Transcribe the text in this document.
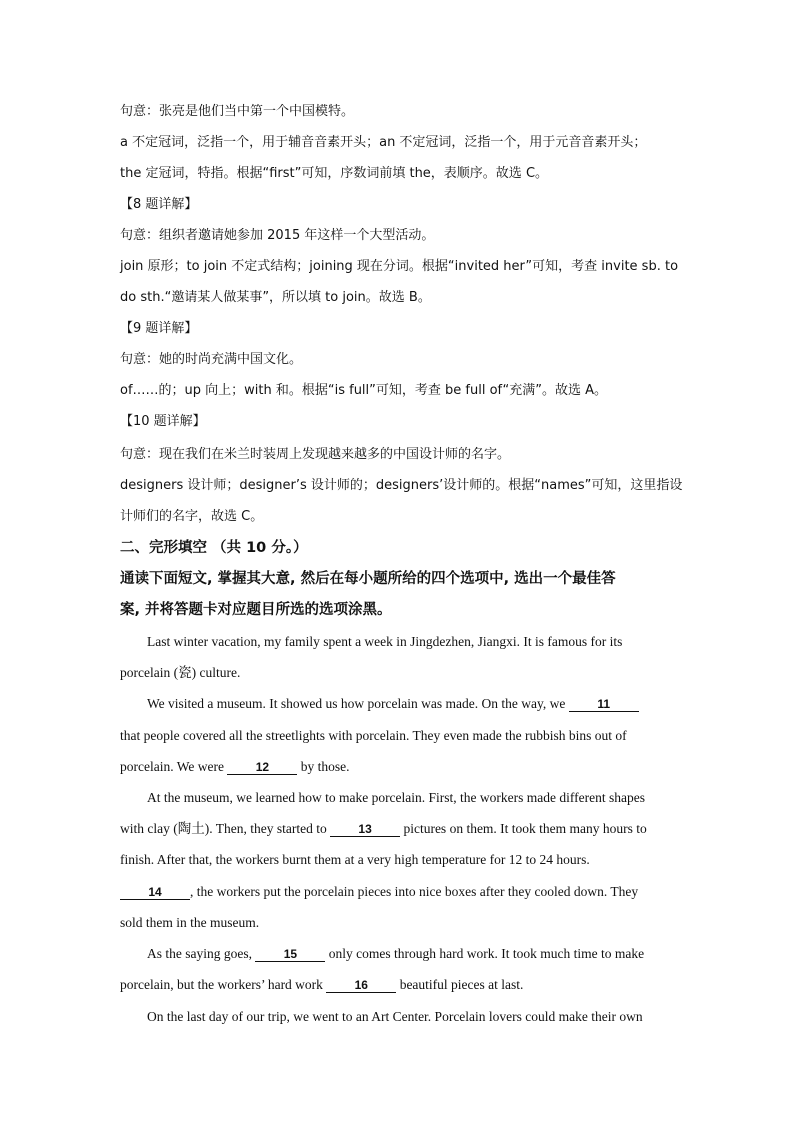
句意：张亮是他们当中第一个中国模特。
a 不定冠词，泛指一个，用于辅音音素开头；an 不定冠词，泛指一个，用于元音音素开头；
the 定冠词，特指。根据“first”可知，序数词前填 the，表顺序。故选 C。
【8 题详解】
句意：组织者邀请她参加 2015 年这样一个大型活动。
join 原形；to join 不定式结构；joining 现在分词。根据“invited her”可知，考查 invite sb. to
do sth.“邀请某人做某事”，所以填 to join。故选 B。
【9 题详解】
句意：她的时尚充满中国文化。
of……的；up 向上；with 和。根据“is full”可知，考查 be full of“充满”。故选 A。
【10 题详解】
句意：现在我们在米兰时装周上发现越来越多的中国设计师的名字。
designers 设计师；designer’s 设计师的；designers’设计师的。根据“names”可知，这里指设
计师们的名字，故选 C。
二、完形填空 （共 10 分。）
通读下面短文, 掌握其大意, 然后在每小题所给的四个选项中, 选出一个最佳答
案, 并将答题卡对应题目所选的选项涂黑。
Last winter vacation, my family spent a week in Jingdezhen, Jiangxi. It is famous for its
porcelain (瓷) culture.
We visited a museum. It showed us how porcelain was made. On the way, we 11
that people covered all the streetlights with porcelain. They even made the rubbish bins out of
porcelain. We were 12 by those.
At the museum, we learned how to make porcelain. First, the workers made different shapes
with clay (陶土). Then, they started to 13 pictures on them. It took them many hours to
finish. After that, the workers burnt them at a very high temperature for 12 to 24 hours.
14 , the workers put the porcelain pieces into nice boxes after they cooled down. They
sold them in the museum.
As the saying goes, 15 only comes through hard work. It took much time to make
porcelain, but the workers’ hard work 16 beautiful pieces at last.
On the last day of our trip, we went to an Art Center. Porcelain lovers could make their own
